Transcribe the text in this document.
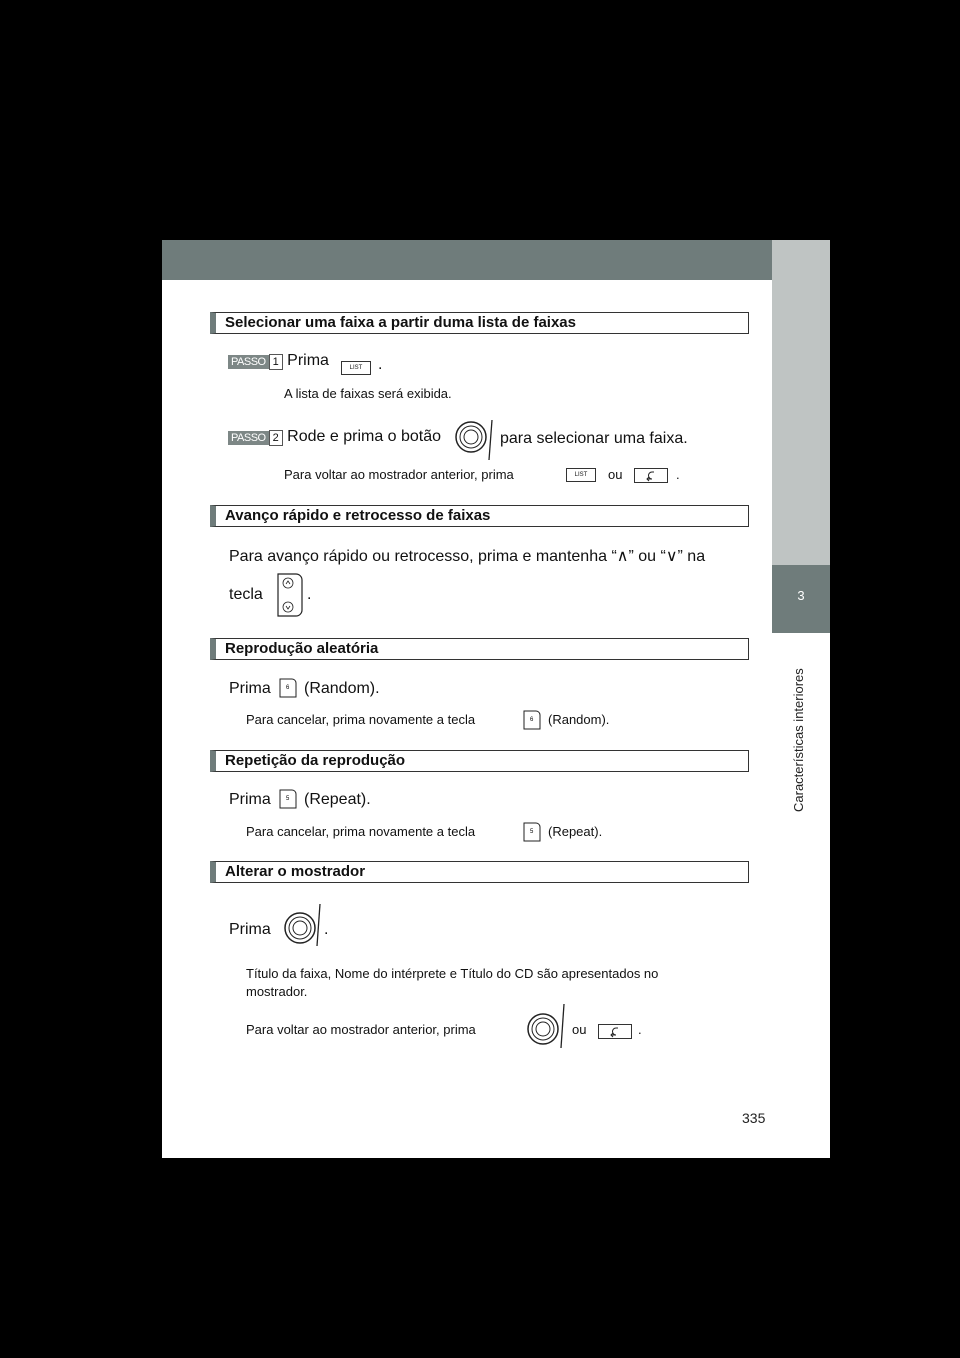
3
Características interiores
Selecionar uma faixa a partir duma lista de faixas
PASSO 1 Prima	LIST .
A lista de faixas será exibida.
PASSO 2 Rode e prima o botão	para selecionar uma faixa.
Para voltar ao mostrador anterior, prima	LIST	ou	.
Avanço rápido e retrocesso de faixas
Para avanço rápido ou retrocesso, prima e mantenha “∧” ou “∨” na
tecla	.
Reprodução aleatória
Prima	6 (Random).
Para cancelar, prima novamente a tecla	6 (Random).
Repetição da reprodução
Prima	5 (Repeat).
Para cancelar, prima novamente a tecla	5 (Repeat).
Alterar o mostrador
Prima	.
Título da faixa, Nome do intérprete e Título do CD são apresentados no
mostrador.
Para voltar ao mostrador anterior, prima	ou	.
335
